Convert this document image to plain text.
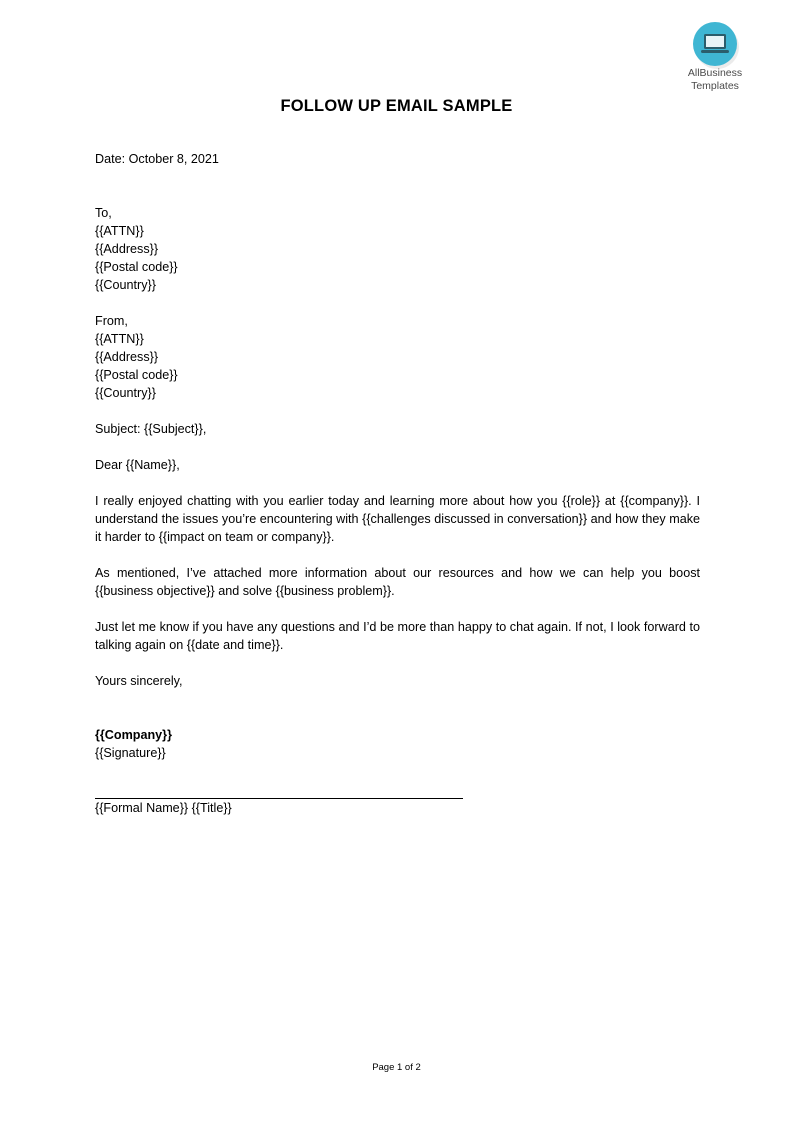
AllBusiness
Templates
FOLLOW UP EMAIL SAMPLE
Date: October 8, 2021
To,
{{ATTN}}
{{Address}}
{{Postal code}}
{{Country}}
From,
{{ATTN}}
{{Address}}
{{Postal code}}
{{Country}}
Subject: {{Subject}},
Dear {{Name}},
I really enjoyed chatting with you earlier today and learning more about how you {{role}} at {{company}}. I understand the issues you’re encountering with {{challenges discussed in conversation}} and how they make it harder to {{impact on team or company}}.
As mentioned, I’ve attached more information about our resources and how we can help you boost {{business objective}} and solve {{business problem}}.
Just let me know if you have any questions and I’d be more than happy to chat again. If not, I look forward to talking again on {{date and time}}.
Yours sincerely,
{{Company}}
{{Signature}}
{{Formal Name}} {{Title}}
Page 1 of 2
